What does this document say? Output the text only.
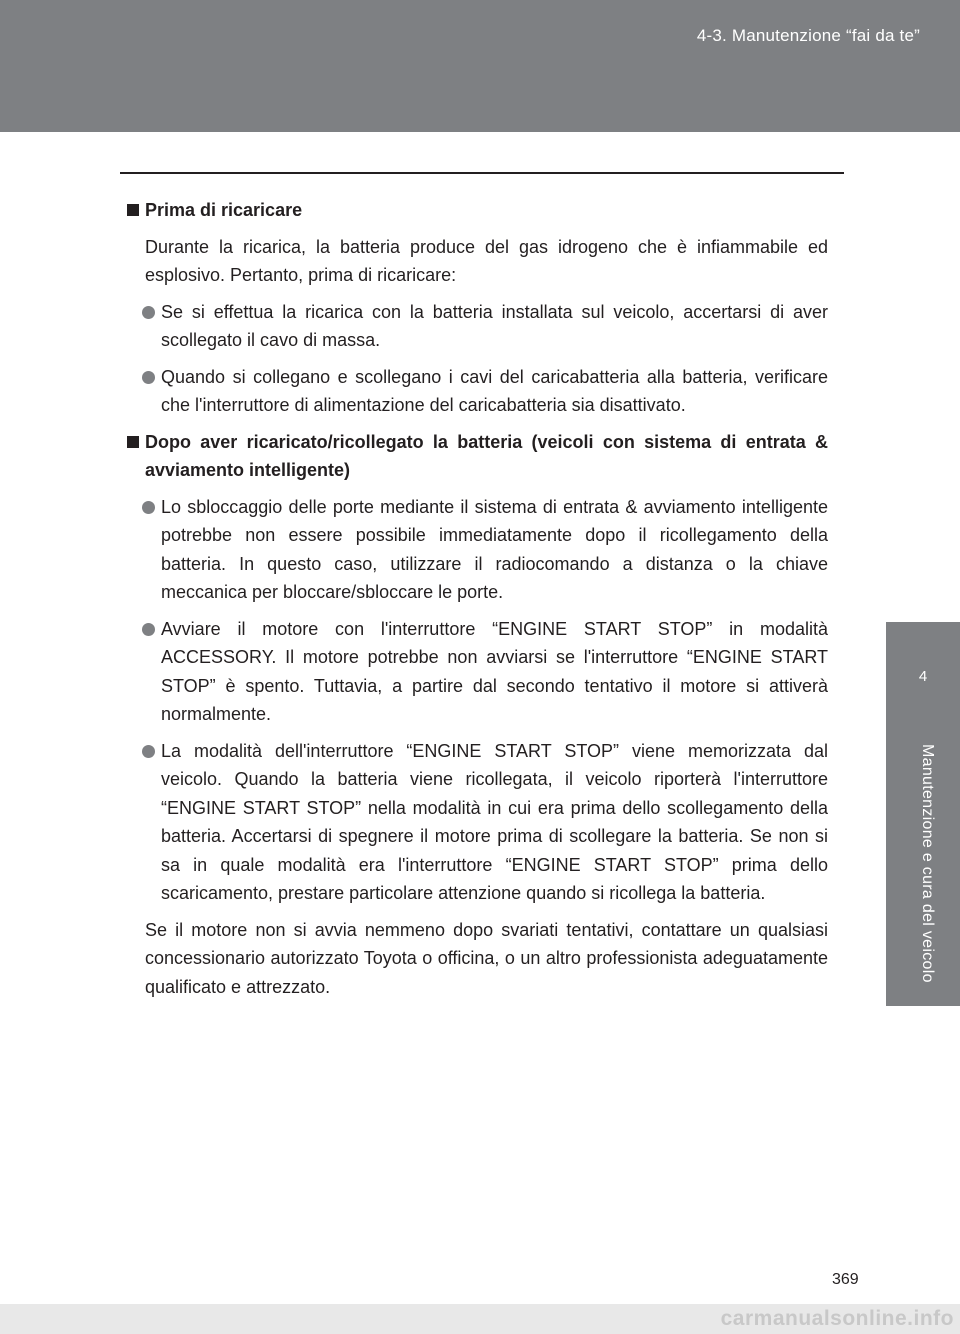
4-3. Manutenzione “fai da te”
4
Manutenzione e cura del veicolo
Prima di ricaricare

Durante la ricarica, la batteria produce del gas idrogeno che è infiammabile ed esplosivo. Pertanto, prima di ricaricare:

Se si effettua la ricarica con la batteria installata sul veicolo, accertarsi di aver scollegato il cavo di massa.
Quando si collegano e scollegano i cavi del caricabatteria alla batteria, verificare che l'interruttore di alimentazione del caricabatteria sia disattivato.
Dopo aver ricaricato/ricollegato la batteria (veicoli con sistema di entrata & avviamento intelligente)
Lo sbloccaggio delle porte mediante il sistema di entrata & avviamento intelligente potrebbe non essere possibile immediatamente dopo il ricollegamento della batteria. In questo caso, utilizzare il radiocomando a distanza o la chiave meccanica per bloccare/sbloccare le porte.
Avviare il motore con l'interruttore “ENGINE START STOP” in modalità ACCESSORY. Il motore potrebbe non avviarsi se l'interruttore “ENGINE START STOP” è spento. Tuttavia, a partire dal secondo tentativo il motore si attiverà normalmente.
La modalità dell'interruttore “ENGINE START STOP” viene memorizzata dal veicolo. Quando la batteria viene ricollegata, il veicolo riporterà l'interruttore “ENGINE START STOP” nella modalità in cui era prima dello scollegamento della batteria. Accertarsi di spegnere il motore prima di scollegare la batteria. Se non si sa in quale modalità era l'interruttore “ENGINE START STOP” prima dello scaricamento, prestare particolare attenzione quando si ricollega la batteria.

Se il motore non si avvia nemmeno dopo svariati tentativi, contattare un qualsiasi concessionario autorizzato Toyota o officina, o un altro professionista adeguatamente qualificato e attrezzato.

369
carmanualsonline.info
